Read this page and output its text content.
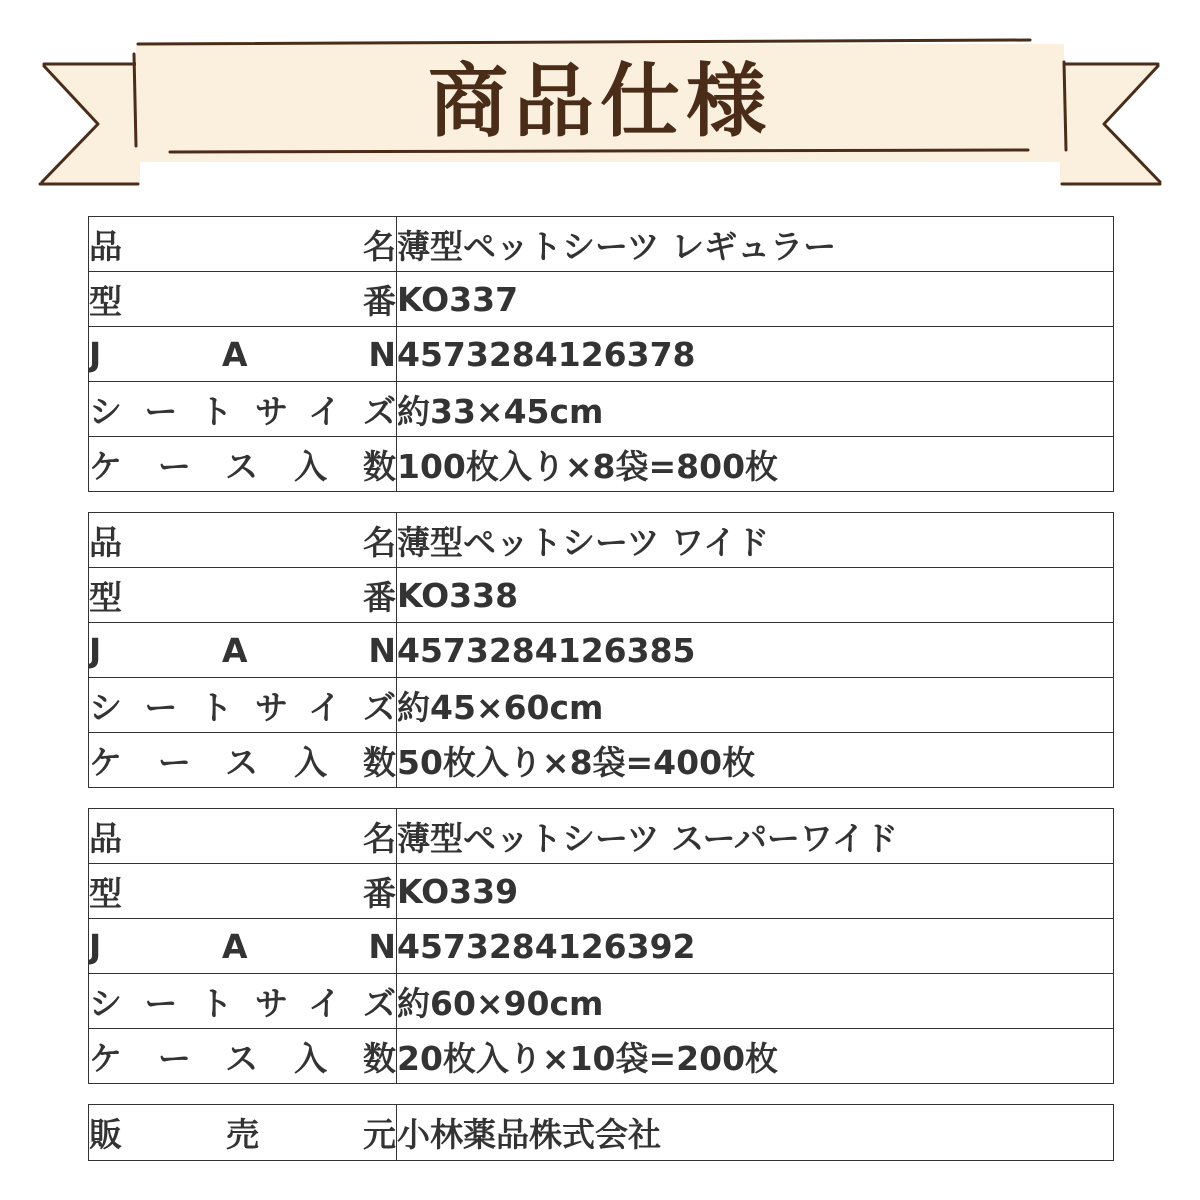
商品仕様
品　　名	薄型ペットシーツ レギュラー
型　　番	KO337
J A N	4573284126378
シートサイズ	約33×45cm
ケース入数	100枚入り×8袋=800枚
品　　名	薄型ペットシーツ ワイド
型　　番	KO338
J A N	4573284126385
シートサイズ	約45×60cm
ケース入数	50枚入り×8袋=400枚
品　　名	薄型ペットシーツ スーパーワイド
型　　番	KO339
J A N	4573284126392
シートサイズ	約60×90cm
ケース入数	20枚入り×10袋=200枚
販売元	小林薬品株式会社
